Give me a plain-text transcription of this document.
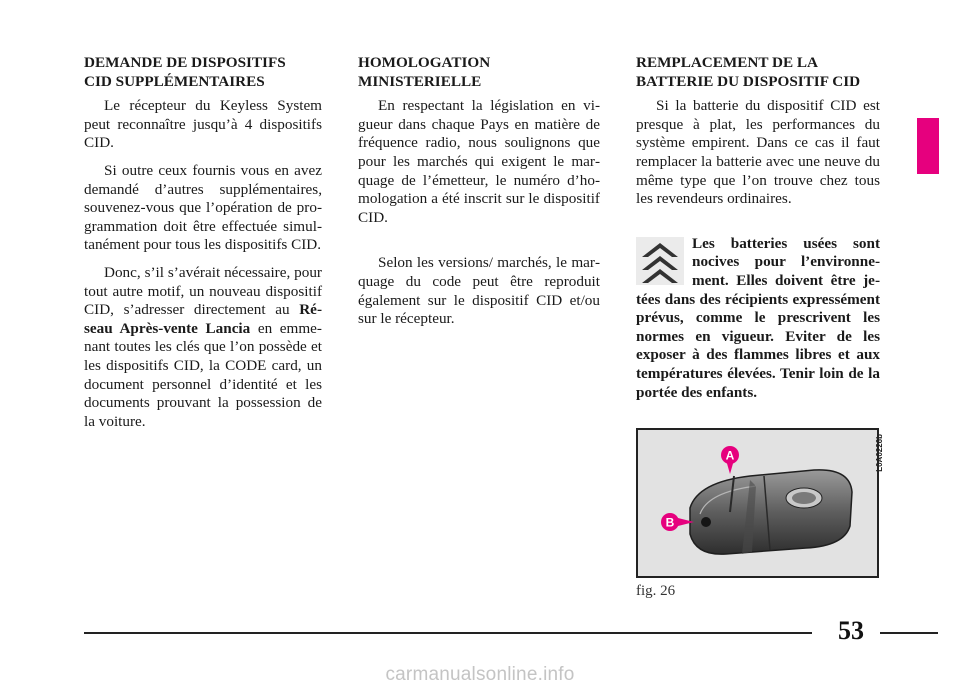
DEMANDE DE DISPOSITIFS
CID SUPPLÉMENTAIRES

Le récepteur du Keyless System peut reconnaître jusqu’à 4 dispositifs CID.

Si outre ceux fournis vous en avez demandé d’autres supplémentaires, souvenez-vous que l’opération de programmation doit être effectuée simultanément pour tous les dispositifs CID.

Donc, s’il s’avérait nécessaire, pour tout autre motif, un nouveau dispositif CID, s’adresser directement au Réseau Après-vente Lancia en emmenant toutes les clés que l’on possède et les dispositifs CID, la CODE card, un document personnel d’identité et les documents prouvant la possession de la voiture.

HOMOLOGATION
MINISTERIELLE

En respectant la législation en vigueur dans chaque Pays en matière de fréquence radio, nous soulignons que pour les marchés qui exigent le marquage de l’émetteur, le numéro d’homologation a été inscrit sur le dispositif CID.

Selon les versions/ marchés, le marquage du code peut être reproduit également sur le dispositif CID et/ou sur le récepteur.

REMPLACEMENT DE LA
BATTERIE DU DISPOSITIF CID

Si la batterie du dispositif CID est presque à plat, les performances du système empirent. Dans ce cas il faut remplacer la batterie avec une neuve du même type que l’on trouve chez tous les revendeurs ordinaires.

Les batteries usées sont nocives pour l’environnement. Elles doivent être jetées dans des récipients expressément prévus, comme le prescrivent les normes en vigueur. Eviter de les exposer à des flammes libres et aux températures élevées. Tenir loin de la portée des enfants.
B
A	L0A0226b
fig. 26
53
carmanualsonline.info
